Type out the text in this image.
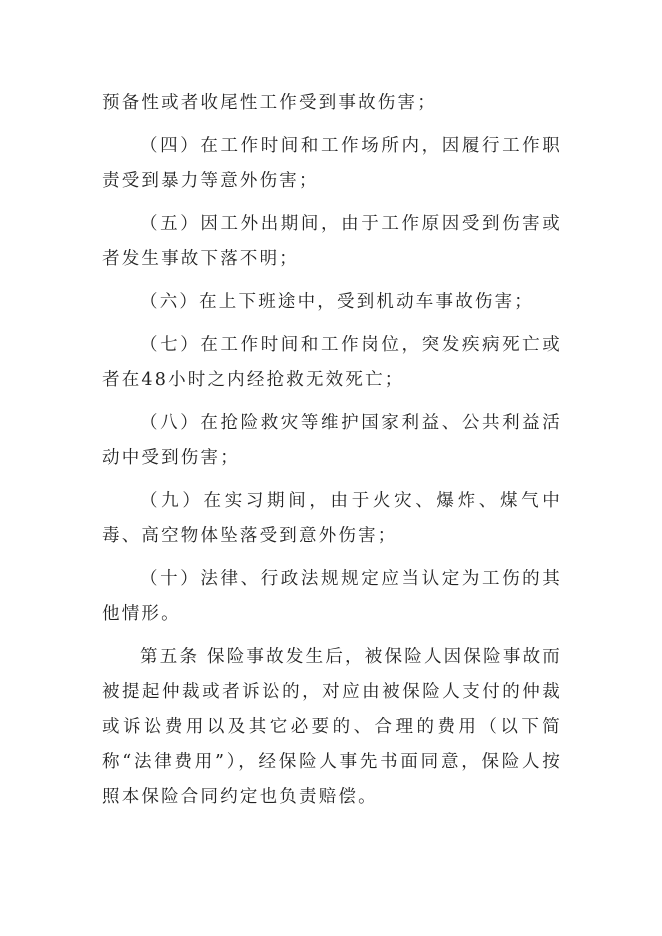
预备性或者收尾性工作受到事故伤害；

（四）在工作时间和工作场所内，因履行工作职责受到暴力等意外伤害；

（五）因工外出期间，由于工作原因受到伤害或者发生事故下落不明；

（六）在上下班途中，受到机动车事故伤害；

（七）在工作时间和工作岗位，突发疾病死亡或者在48小时之内经抢救无效死亡；

（八）在抢险救灾等维护国家利益、公共利益活动中受到伤害；

（九）在实习期间，由于火灾、爆炸、煤气中毒、高空物体坠落受到意外伤害；

（十）法律、行政法规规定应当认定为工伤的其他情形。

第五条 保险事故发生后，被保险人因保险事故而被提起仲裁或者诉讼的，对应由被保险人支付的仲裁或诉讼费用以及其它必要的、合理的费用（以下简称“法律费用”），经保险人事先书面同意，保险人按照本保险合同约定也负责赔偿。
